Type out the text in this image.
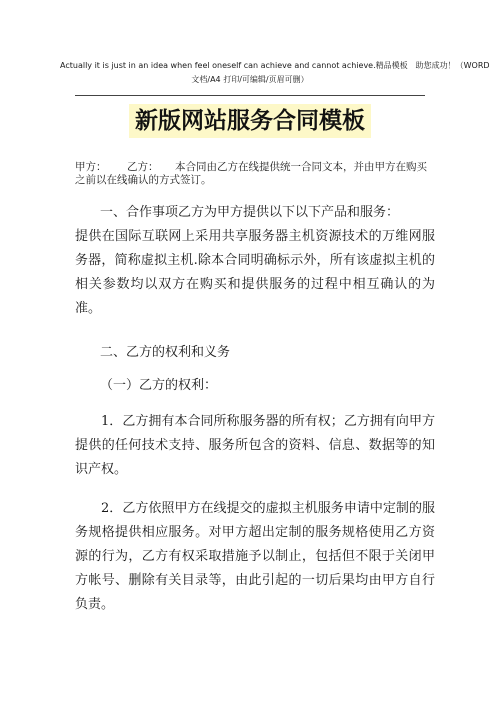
Actually it is just in an idea when feel oneself can achieve and cannot achieve.精品模板　助您成功！（WORD
文档/A4 打印/可编辑/页眉可删）
新版网站服务合同模板
甲方： 乙方： 本合同由乙方在线提供统一合同文本，并由甲方在购买
之前以在线确认的方式签订。
一、合作事项乙方为甲方提供以下以下产品和服务：
提供在国际互联网上采用共享服务器主机资源技术的万维网服务器，简称虚拟主机.除本合同明确标示外，所有该虚拟主机的相关参数均以双方在购买和提供服务的过程中相互确认的为准。
二、乙方的权利和义务
（一）乙方的权利：
1．乙方拥有本合同所称服务器的所有权；乙方拥有向甲方提供的任何技术支持、服务所包含的资料、信息、数据等的知识产权。
2．乙方依照甲方在线提交的虚拟主机服务申请中定制的服务规格提供相应服务。对甲方超出定制的服务规格使用乙方资源的行为，乙方有权采取措施予以制止，包括但不限于关闭甲方帐号、删除有关目录等，由此引起的一切后果均由甲方自行负责。
